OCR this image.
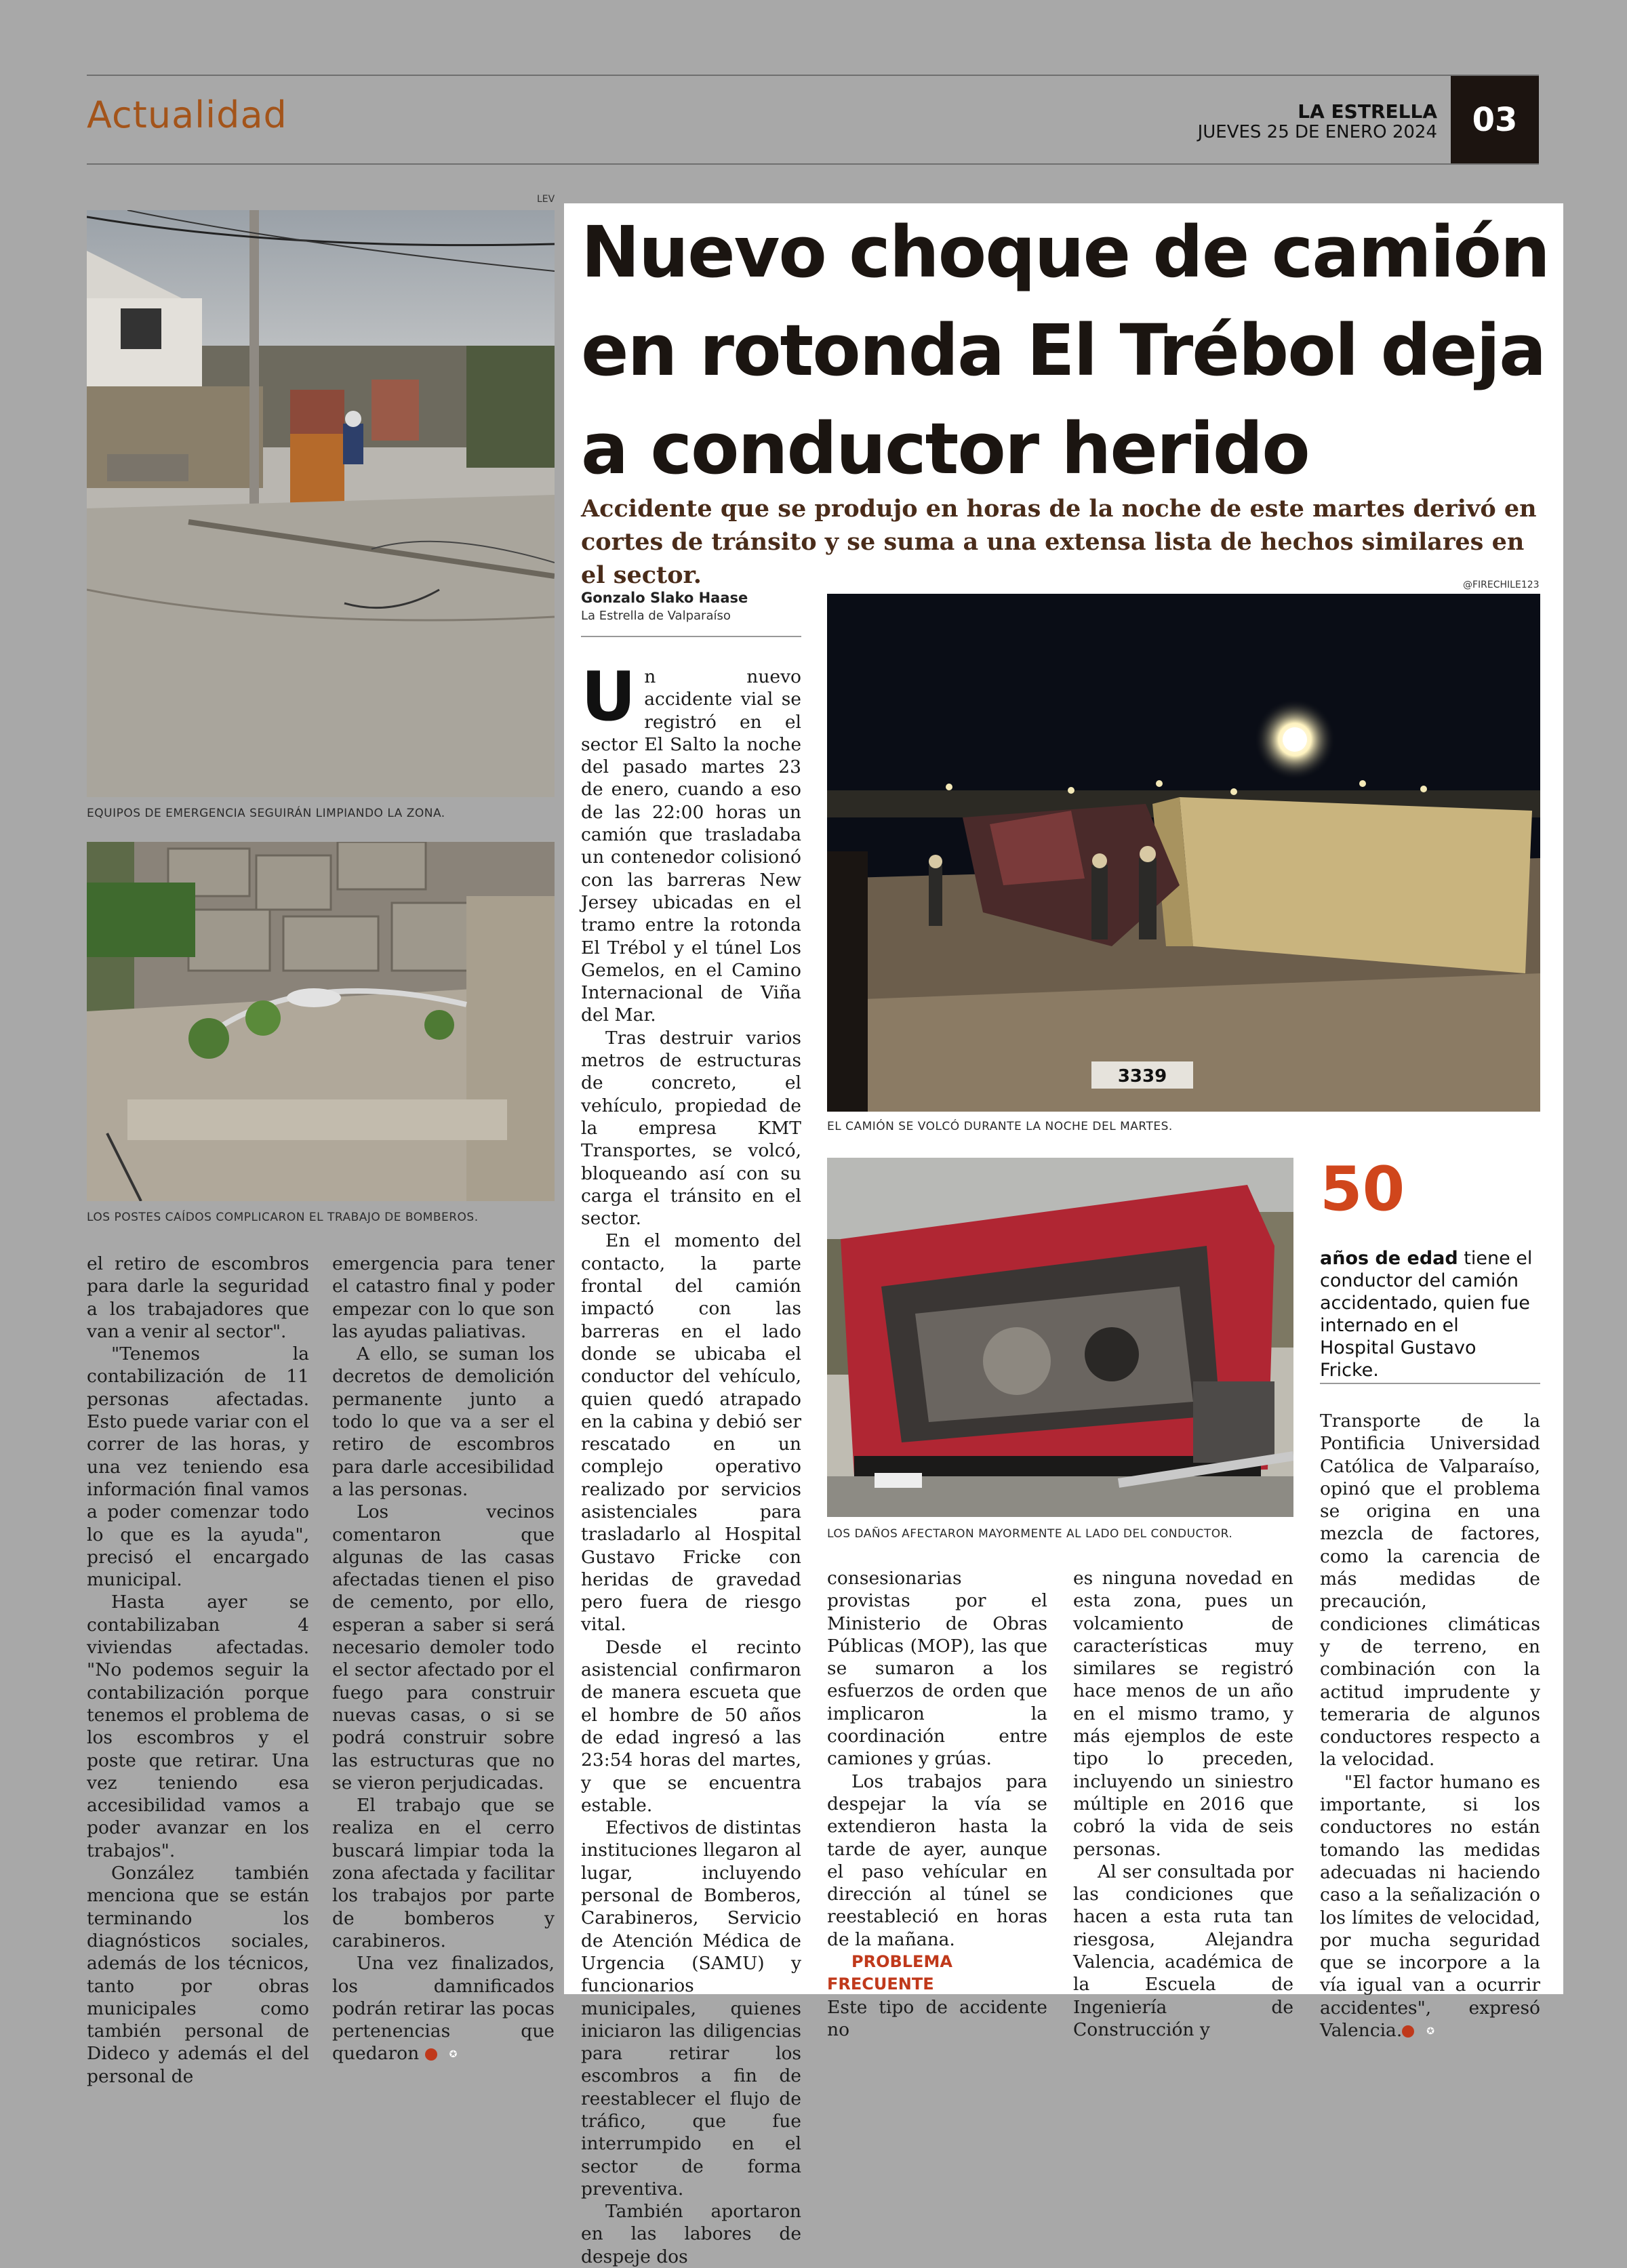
Actualidad	LA ESTRELLA
JUEVES 25 DE ENERO 2024	03
LEV
EQUIPOS DE EMERGENCIA SEGUIRÁN LIMPIANDO LA ZONA.
LOS POSTES CAÍDOS COMPLICARON EL TRABAJO DE BOMBEROS.

el retiro de escombros para darle la seguridad a los trabajadores que van a venir al sector".

"Tenemos la contabilización de 11 personas afectadas. Esto puede variar con el correr de las horas, y una vez teniendo esa información final vamos a poder comenzar todo lo que es la ayuda", precisó el encargado municipal.

Hasta ayer se contabilizaban 4 viviendas afectadas. "No podemos seguir la contabilización porque tenemos el problema de los escombros y el poste que retirar. Una vez teniendo esa accesibilidad vamos a poder avanzar en los trabajos".

González también menciona que se están terminando los diagnósticos sociales, además de los técnicos, tanto por obras municipales como también personal de Dideco y además el del personal de

emergencia para tener el catastro final y poder empezar con lo que son las ayudas paliativas.

A ello, se suman los decretos de demolición permanente junto a todo lo que va a ser el retiro de escombros para darle accesibilidad a las personas.

Los vecinos comentaron que algunas de las casas afectadas tienen el piso de cemento, por ello, esperan a saber si será necesario demoler todo el sector afectado por el fuego para construir nuevas casas, o si se podrá construir sobre las estructuras que no se vieron perjudicadas.

El trabajo que se realiza en el cerro buscará limpiar toda la zona afectada y facilitar los trabajos por parte de bomberos y carabineros.

Una vez finalizados, los damnificados podrán retirar las pocas pertenencias que quedaron	✪

Nuevo choque de camión en rotonda El Trébol deja a conductor herido
Accidente que se produjo en horas de la noche de este martes derivó en cortes de tránsito y se suma a una extensa lista de hechos similares en el sector.
Gonzalo Slako Haase
La Estrella de Valparaíso
@FIRECHILE123
3339
EL CAMIÓN SE VOLCÓ DURANTE LA NOCHE DEL MARTES.
LOS DAÑOS AFECTARON MAYORMENTE AL LADO DEL CONDUCTOR.
50
años de edad tiene el conductor del camión accidentado, quien fue internado en el Hospital Gustavo Fricke.

Un nuevo accidente vial se registró en el sector El Salto la noche del pasado martes 23 de enero, cuando a eso de las 22:00 horas un camión que trasladaba un contenedor colisionó con las barreras New Jersey ubicadas en el tramo entre la rotonda El Trébol y el túnel Los Gemelos, en el Camino Internacional de Viña del Mar.

Tras destruir varios metros de estructuras de concreto, el vehículo, propiedad de la empresa KMT Transportes, se volcó, bloqueando así con su carga el tránsito en el sector.

En el momento del contacto, la parte frontal del camión impactó con las barreras en el lado donde se ubicaba el conductor del vehículo, quien quedó atrapado en la cabina y debió ser rescatado en un complejo operativo realizado por servicios asistenciales para trasladarlo al Hospital Gustavo Fricke con heridas de gravedad pero fuera de riesgo vital.

Desde el recinto asistencial confirmaron de manera escueta que el hombre de 50 años de edad ingresó a las 23:54 horas del martes, y que se encuentra estable.

Efectivos de distintas instituciones llegaron al lugar, incluyendo personal de Bomberos, Carabineros, Servicio de Atención Médica de Urgencia (SAMU) y funcionarios municipales, quienes iniciaron las diligencias para retirar los escombros a fin de reestablecer el flujo de tráfico, que fue interrumpido en el sector de forma preventiva.

También aportaron en las labores de despeje dos

consesionarias provistas por el Ministerio de Obras Públicas (MOP), las que se sumaron a los esfuerzos de orden que implicaron la coordinación entre camiones y grúas.

Los trabajos para despejar la vía se extendieron hasta la tarde de ayer, aunque el paso vehícular en dirección al túnel se reestableció en horas de la mañana.

PROBLEMA FRECUENTE

Este tipo de accidente no

es ninguna novedad en esta zona, pues un volcamiento de características muy similares se registró hace menos de un año en el mismo tramo, y más ejemplos de este tipo lo preceden, incluyendo un siniestro múltiple en 2016 que cobró la vida de seis personas.

Al ser consultada por las condiciones que hacen a esta ruta tan riesgosa, Alejandra Valencia, académica de la Escuela de Ingeniería de Construcción y

Transporte de la Pontificia Universidad Católica de Valparaíso, opinó que el problema se origina en una mezcla de factores, como la carencia de más medidas de precaución, condiciones climáticas y de terreno, en combinación con la actitud imprudente y temeraria de algunos conductores respecto a la velocidad.

"El factor humano es importante, si los conductores no están tomando las medidas adecuadas ni haciendo caso a la señalización o los límites de velocidad, por mucha seguridad que se incorpore a la vía igual van a ocurrir accidentes", expresó Valencia.	✪
